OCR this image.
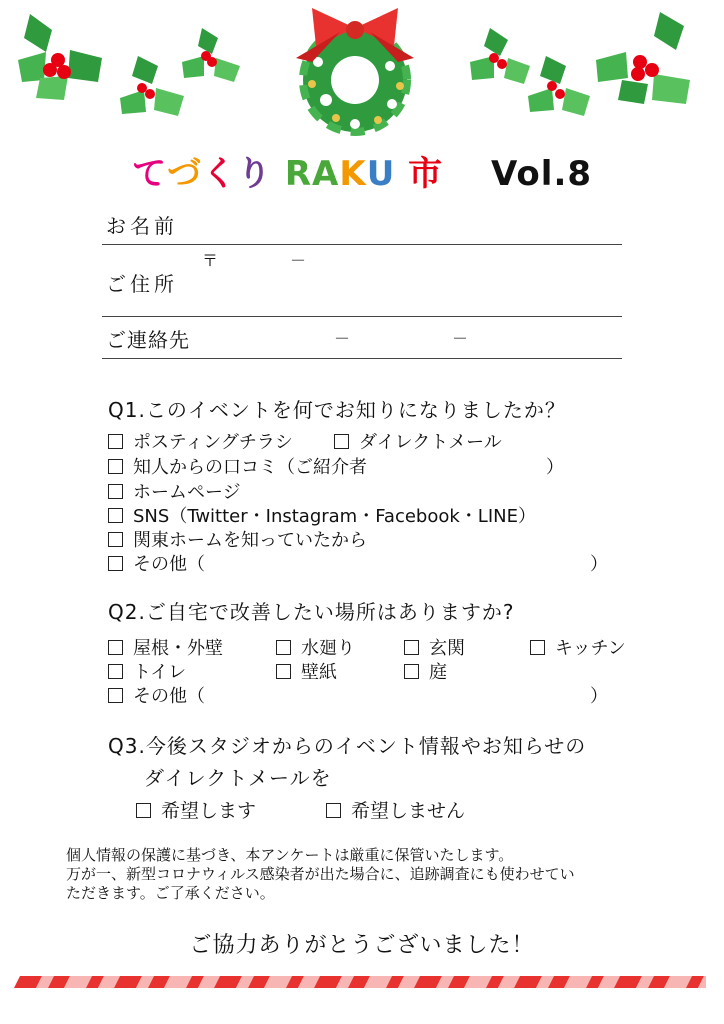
てづくり RAKU 市　 Vol.8
お名前
〒	－
ご住所
ご連絡先	－	－
Q1.このイベントを何でお知りになりましたか？
ポスティングチラシ	ダイレクトメール
知人からの口コミ（ご紹介者	）
ホームページ
SNS（Twitter・Instagram・Facebook・LINE）
関東ホームを知っていたから
その他（	）
Q2.ご自宅で改善したい場所はありますか?
屋根・外壁	水廻り	玄関	キッチン
トイレ	壁紙	庭
その他（	）
Q3.今後スタジオからのイベント情報やお知らせの
ダイレクトメールを
希望します	希望しません
個人情報の保護に基づき、本アンケートは厳重に保管いたします。
万が一、新型コロナウィルス感染者が出た場合に、追跡調査にも使わせてい
ただきます。ご了承ください。
ご協力ありがとうございました！
